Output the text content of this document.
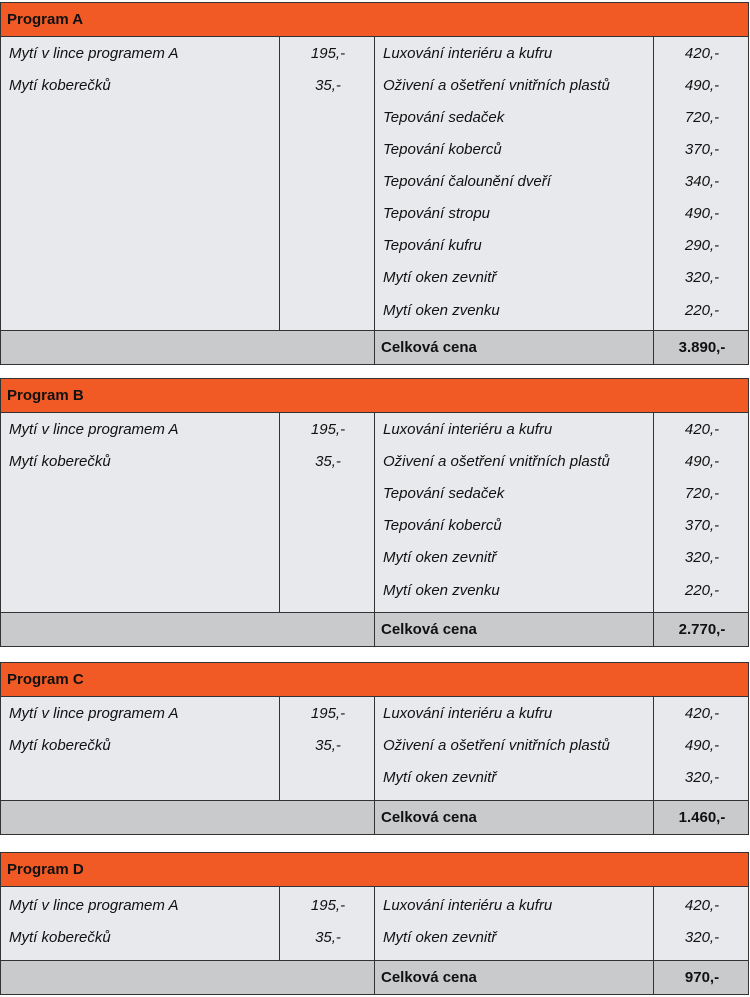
Program A
Mytí v lince programem A	195,-
Mytí koberečků	35,-
Luxování interiéru a kufru	420,-
Oživení a ošetření vnitřních plastů	490,-
Tepování sedaček	720,-
Tepování koberců	370,-
Tepování čalounění dveří	340,-
Tepování stropu	490,-
Tepování kufru	290,-
Mytí oken zevnitř	320,-
Mytí oken zvenku	220,-
Celková cena	3.890,-
Program B
Mytí v lince programem A	195,-
Mytí koberečků	35,-
Luxování interiéru a kufru	420,-
Oživení a ošetření vnitřních plastů	490,-
Tepování sedaček	720,-
Tepování koberců	370,-
Mytí oken zevnitř	320,-
Mytí oken zvenku	220,-
Celková cena	2.770,-
Program C
Mytí v lince programem A	195,-
Mytí koberečků	35,-
Luxování interiéru a kufru	420,-
Oživení a ošetření vnitřních plastů	490,-
Mytí oken zevnitř	320,-
Celková cena	1.460,-
Program D
Mytí v lince programem A	195,-
Mytí koberečků	35,-
Luxování interiéru a kufru	420,-
Mytí oken zevnitř	320,-
Celková cena	970,-
